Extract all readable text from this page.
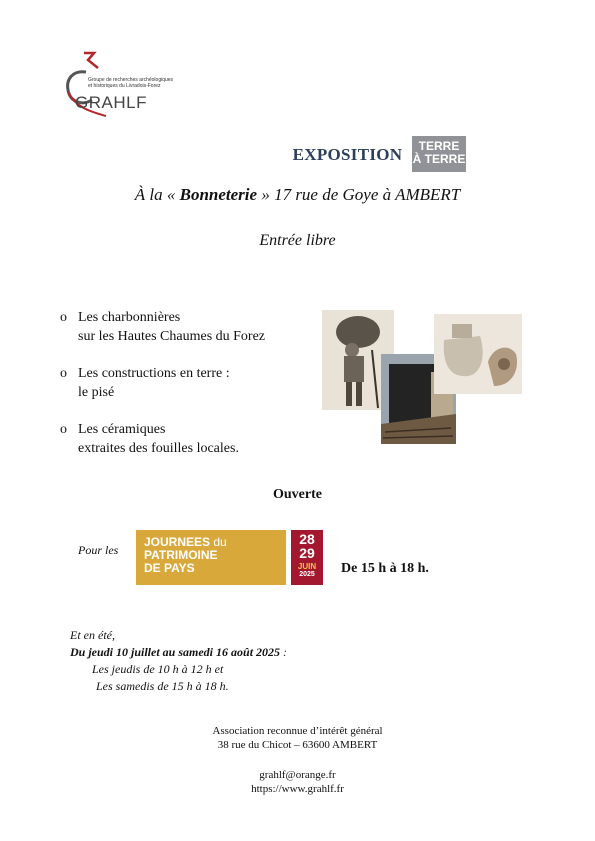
Groupe de recherches archéologiques
et historiques du Livradois-Forez
GRAHLF
EXPOSITION	TERRE
À TERRE
À la « Bonneterie » 17 rue de Goye à AMBERT
Entrée libre
o Les charbonnières
sur les Hautes Chaumes du Forez
o Les constructions en terre :
le pisé
o Les céramiques
extraites des fouilles locales.
Ouverte
Pour les
JOURNEES du
PATRIMOINE
DE PAYS
28
29
JUIN
2025	De 15 h à 18 h.
Et en été,
Du jeudi 10 juillet au samedi 16 août 2025 :
Les jeudis de 10 h à 12 h et
Les samedis de 15 h à 18 h.
Association reconnue d’intérêt général
38 rue du Chicot – 63600 AMBERT
grahlf@orange.fr
https://www.grahlf.fr
